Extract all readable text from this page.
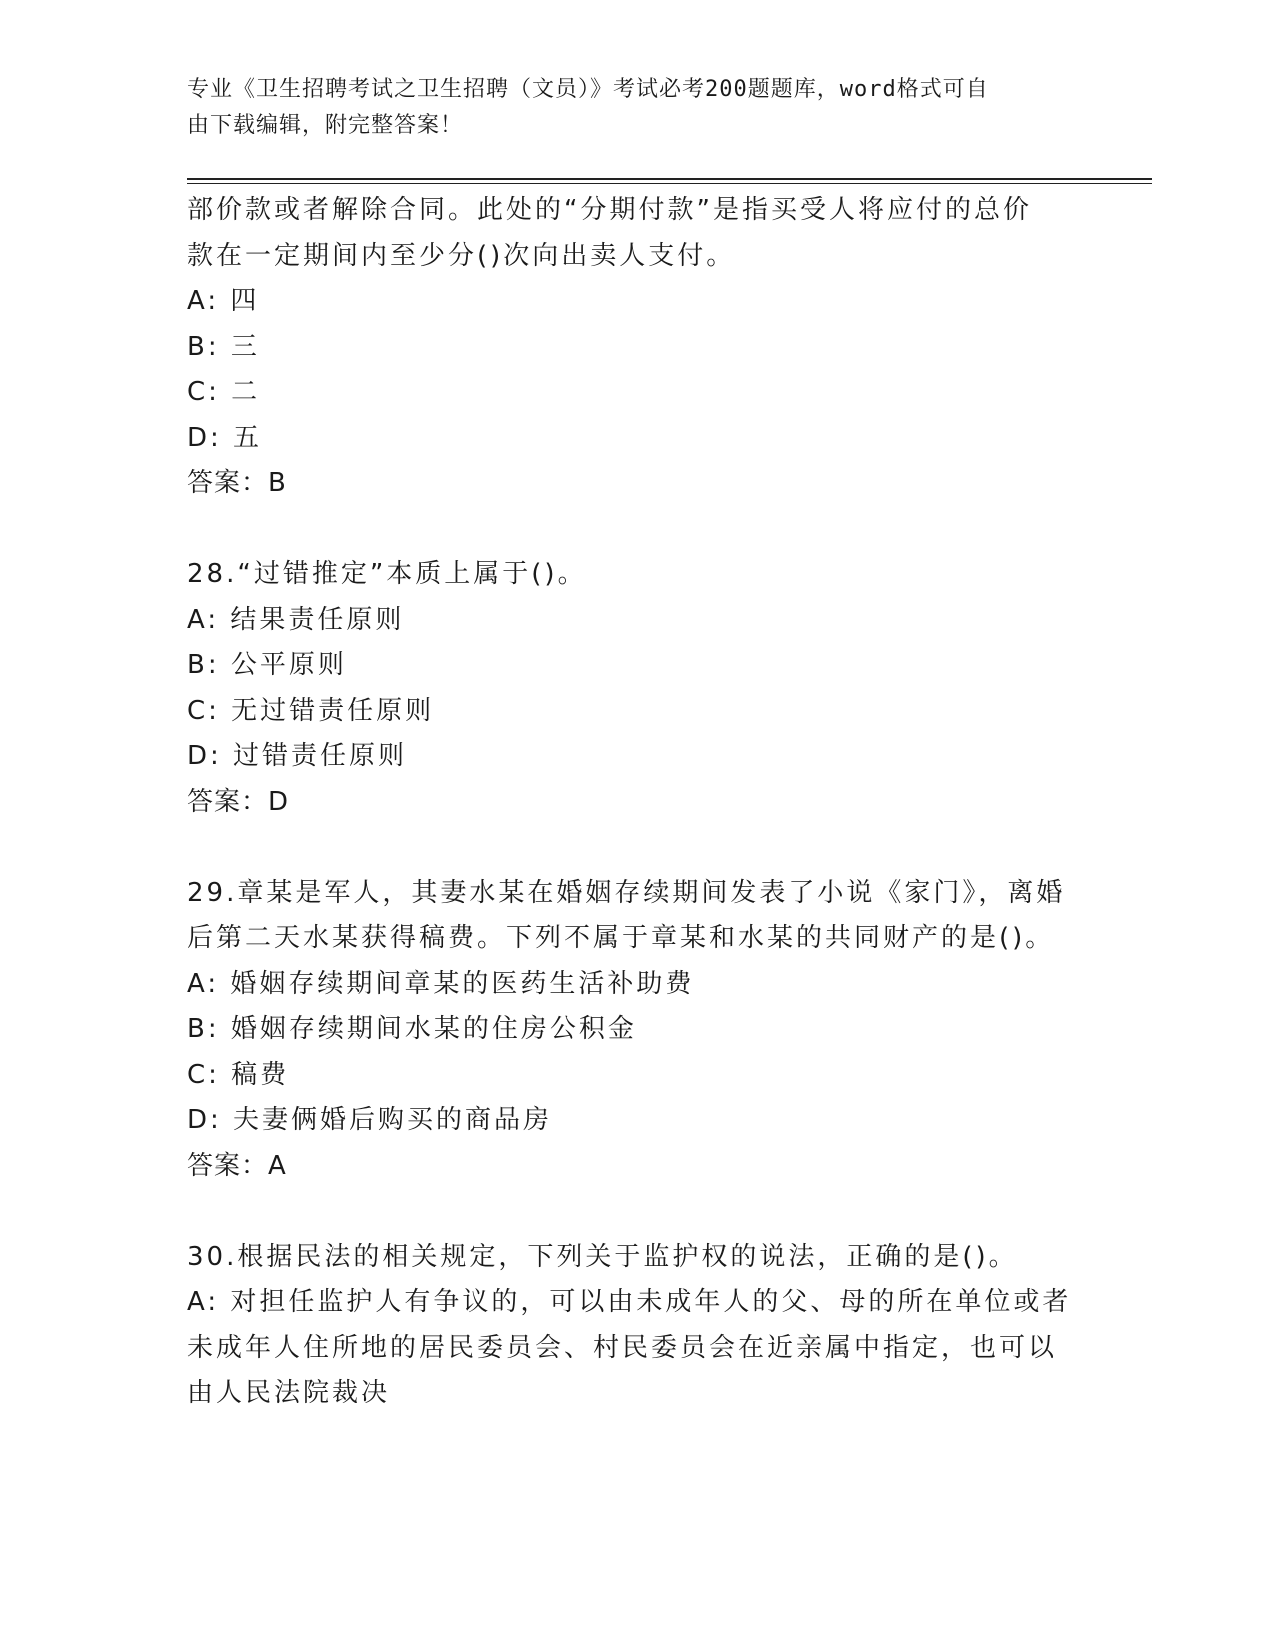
专业《卫生招聘考试之卫生招聘（文员）》考试必考200题题库，word格式可自
由下载编辑，附完整答案！
部价款或者解除合同。此处的“分期付款”是指买受人将应付的总价
款在一定期间内至少分()次向出卖人支付。
A: 四
B: 三
C: 二
D: 五
答案：B
28.“过错推定”本质上属于()。
A: 结果责任原则
B: 公平原则
C: 无过错责任原则
D: 过错责任原则
答案：D
29.章某是军人，其妻水某在婚姻存续期间发表了小说《家门》，离婚
后第二天水某获得稿费。下列不属于章某和水某的共同财产的是()。
A: 婚姻存续期间章某的医药生活补助费
B: 婚姻存续期间水某的住房公积金
C: 稿费
D: 夫妻俩婚后购买的商品房
答案：A
30.根据民法的相关规定，下列关于监护权的说法，正确的是()。
A: 对担任监护人有争议的，可以由未成年人的父、母的所在单位或者
未成年人住所地的居民委员会、村民委员会在近亲属中指定，也可以
由人民法院裁决
